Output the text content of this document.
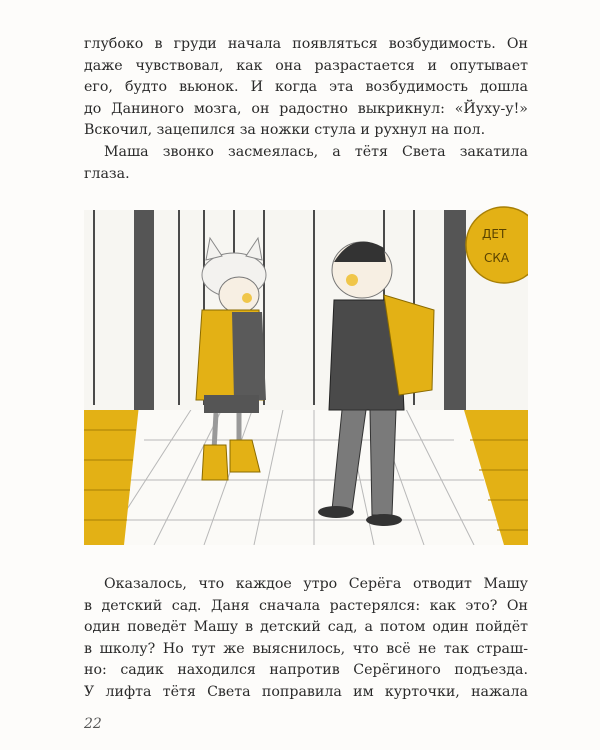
глубоко в груди начала появляться возбудимость. Он
даже чувствовал, как она разрастается и опутывает
его, будто вьюнок. И когда эта возбудимость дошла
до Даниного мозга, он радостно выкрикнул: «Йуху-у!»
Вскочил, зацепился за ножки стула и рухнул на пол.

Маша звонко засмеялась, а тётя Света закатила
глаза.

ДЕТ
СКА

Оказалось, что каждое утро Серёга отводит Машу
в детский сад. Даня сначала растерялся: как это? Он
один поведёт Машу в детский сад, а потом один пойдёт
в школу? Но тут же выяснилось, что всё не так страш-
но: садик находился напротив Серёгиного подъезда.
У лифта тётя Света поправила им курточки, нажала

22
